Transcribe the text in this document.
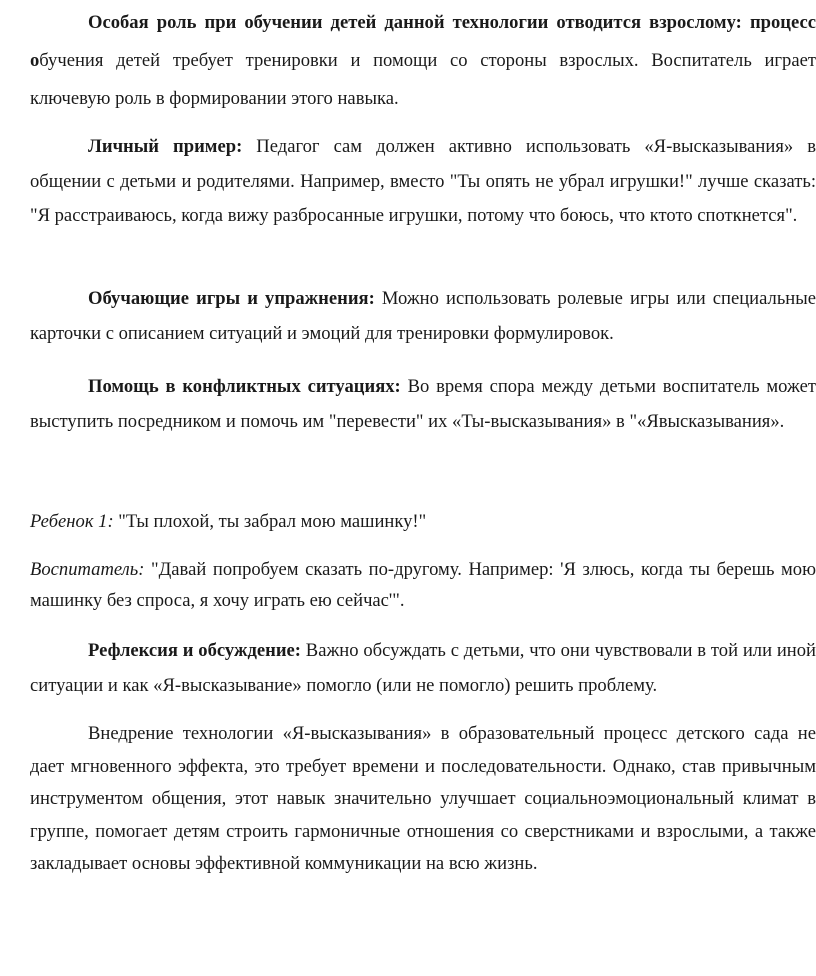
Особая роль при обучении детей данной технологии отводится взрослому: процесс обучения детей требует тренировки и помощи со стороны взрослых. Воспитатель играет ключевую роль в формировании этого навыка.

Личный пример: Педагог сам должен активно использовать «Я-высказывания» в общении с детьми и родителями. Например, вместо "Ты опять не убрал игрушки!" лучше сказать: "Я расстраиваюсь, когда вижу разбросанные игрушки, потому что боюсь, что ктото споткнется".

Обучающие игры и упражнения: Можно использовать ролевые игры или специальные карточки с описанием ситуаций и эмоций для тренировки формулировок.

Помощь в конфликтных ситуациях: Во время спора между детьми воспитатель может выступить посредником и помочь им "перевести" их «Ты-высказывания» в "«Явысказывания».

Ребенок 1: "Ты плохой, ты забрал мою машинку!"

Воспитатель: "Давай попробуем сказать по-другому. Например: 'Я злюсь, когда ты берешь мою машинку без спроса, я хочу играть ею сейчас'".

Рефлексия и обсуждение: Важно обсуждать с детьми, что они чувствовали в той или иной ситуации и как «Я-высказывание» помогло (или не помогло) решить проблему.

Внедрение технологии «Я-высказывания» в образовательный процесс детского сада не дает мгновенного эффекта, это требует времени и последовательности. Однако, став привычным инструментом общения, этот навык значительно улучшает социальноэмоциональный климат в группе, помогает детям строить гармоничные отношения со сверстниками и взрослыми, а также закладывает основы эффективной коммуникации на всю жизнь.
